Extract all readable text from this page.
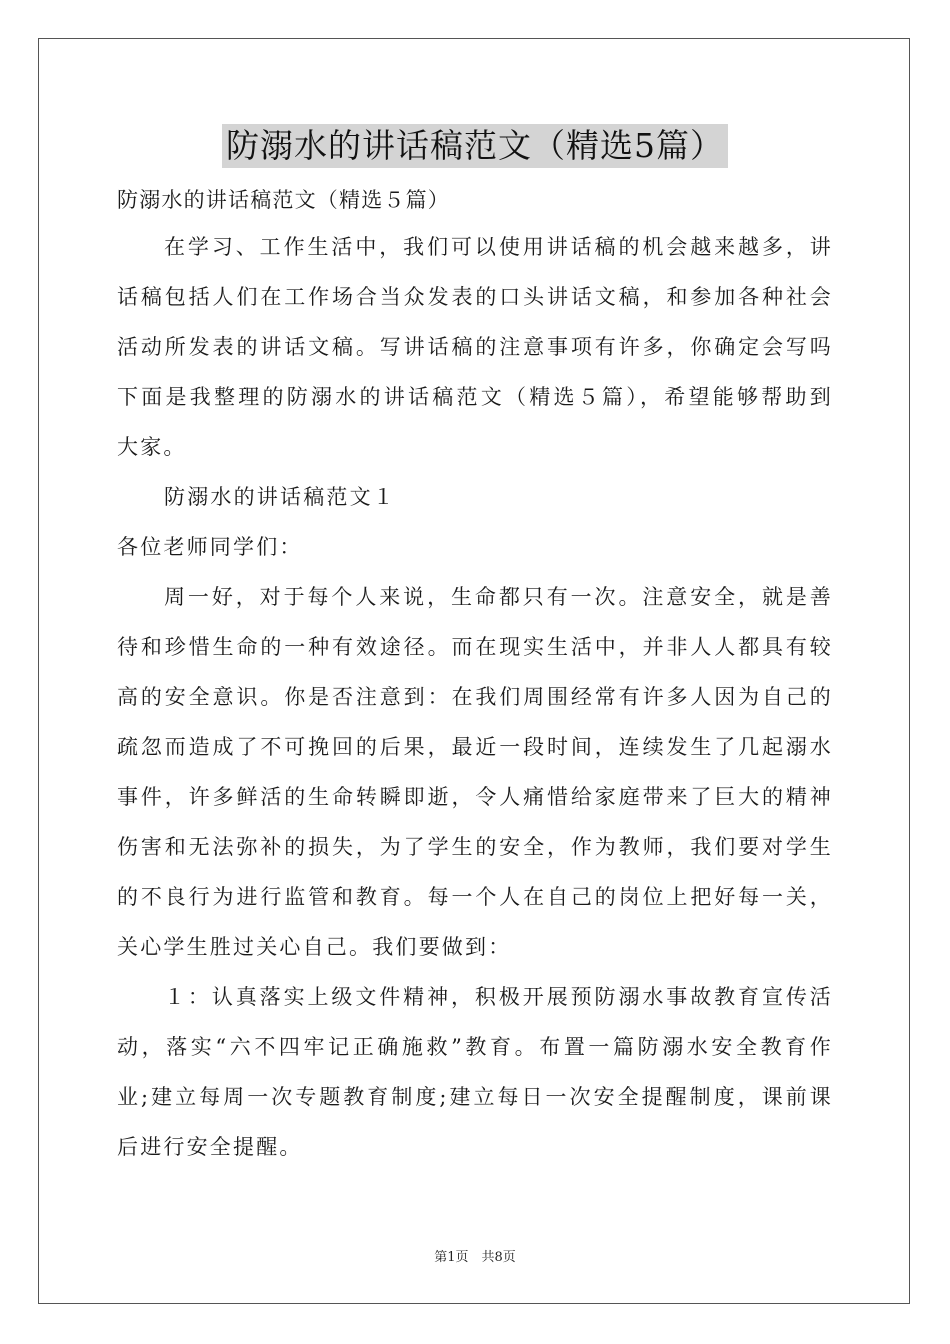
防溺水的讲话稿范文（精选5篇）
防溺水的讲话稿范文（精选５篇）
在学习、工作生活中，我们可以使用讲话稿的机会越来越多，讲
话稿包括人们在工作场合当众发表的口头讲话文稿，和参加各种社会
活动所发表的讲话文稿。写讲话稿的注意事项有许多，你确定会写吗
下面是我整理的防溺水的讲话稿范文（精选５篇），希望能够帮助到
大家。
防溺水的讲话稿范文１
各位老师同学们：
周一好，对于每个人来说，生命都只有一次。注意安全，就是善
待和珍惜生命的一种有效途径。而在现实生活中，并非人人都具有较
高的安全意识。你是否注意到：在我们周围经常有许多人因为自己的
疏忽而造成了不可挽回的后果，最近一段时间，连续发生了几起溺水
事件，许多鲜活的生命转瞬即逝，令人痛惜给家庭带来了巨大的精神
伤害和无法弥补的损失，为了学生的安全，作为教师，我们要对学生
的不良行为进行监管和教育。每一个人在自己的岗位上把好每一关，
关心学生胜过关心自己。我们要做到：
１：认真落实上级文件精神，积极开展预防溺水事故教育宣传活
动，落实“六不四牢记正确施救”教育。布置一篇防溺水安全教育作
业;建立每周一次专题教育制度;建立每日一次安全提醒制度，课前课
后进行安全提醒。
第1页　共8页
